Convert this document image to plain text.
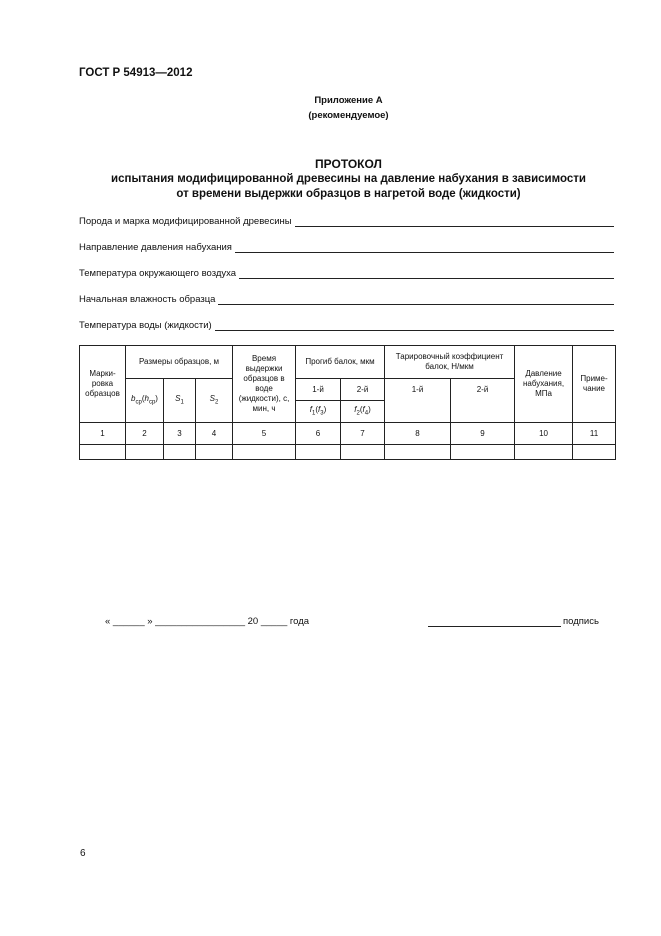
ГОСТ Р 54913—2012
Приложение А
(рекомендуемое)
ПРОТОКОЛ
испытания модифицированной древесины на давление набухания в зависимости
от времени выдержки образцов в нагретой воде (жидкости)
Порода и марка модифицированной древесины
Направление давления набухания
Температура окружающего воздуха
Начальная влажность образца
Температура воды (жидкости)
Марки-ровка образцов	Размеры образцов, м			Время выдержки образцов в воде (жидкости), с, мин, ч	Прогиб балок, мкм		Тарировочный коэффициент балок, Н/мкм		Давление набухания, МПа	Приме-чание
	$b_{ср}(h_{ср})$	$S_1$	$S_2$		1-й	2-й	1-й	2-й		
					$f_1(f_3)$	$f_2(f_4)$				
1	2	3	4	5	6	7	8	9	10	11

« ______ » _________________ 20 _____ года	подпись
6
